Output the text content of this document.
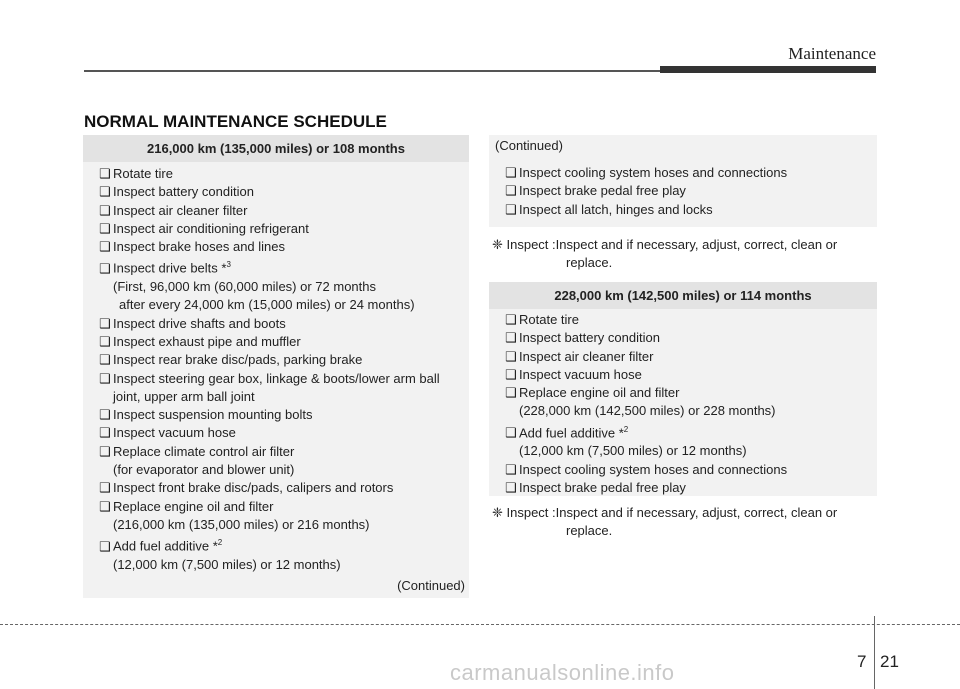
Maintenance
NORMAL MAINTENANCE SCHEDULE
216,000 km (135,000 miles) or 108 months
❑ Rotate tire
❑ Inspect battery condition
❑ Inspect air cleaner filter
❑ Inspect air conditioning refrigerant
❑ Inspect brake hoses and lines
❑ Inspect drive belts *$^3$
(First, 96,000 km (60,000 miles) or 72 months
after every 24,000 km (15,000 miles) or 24 months)
❑ Inspect drive shafts and boots
❑ Inspect exhaust pipe and muffler
❑ Inspect rear brake disc/pads, parking brake
❑ Inspect steering gear box, linkage & boots/lower arm ball
joint, upper arm ball joint
❑ Inspect suspension mounting bolts
❑ Inspect vacuum hose
❑ Replace climate control air filter
(for evaporator and blower unit)
❑ Inspect front brake disc/pads, calipers and rotors
❑ Replace engine oil and filter
(216,000 km (135,000 miles) or 216 months)
❑ Add fuel additive *$^2$
(12,000 km (7,500 miles) or 12 months)
(Continued)
(Continued)
❑ Inspect cooling system hoses and connections
❑ Inspect brake pedal free play
❑ Inspect all latch, hinges and locks
❈ Inspect : Inspect and if necessary, adjust, correct, clean or
replace.
228,000 km (142,500 miles) or 114 months
❑ Rotate tire
❑ Inspect battery condition
❑ Inspect air cleaner filter
❑ Inspect vacuum hose
❑ Replace engine oil and filter
(228,000 km (142,500 miles) or 228 months)
❑ Add fuel additive *$^2$
(12,000 km (7,500 miles) or 12 months)
❑ Inspect cooling system hoses and connections
❑ Inspect brake pedal free play
❈ Inspect : Inspect and if necessary, adjust, correct, clean or
replace.
7 21
carmanualsonline.info
